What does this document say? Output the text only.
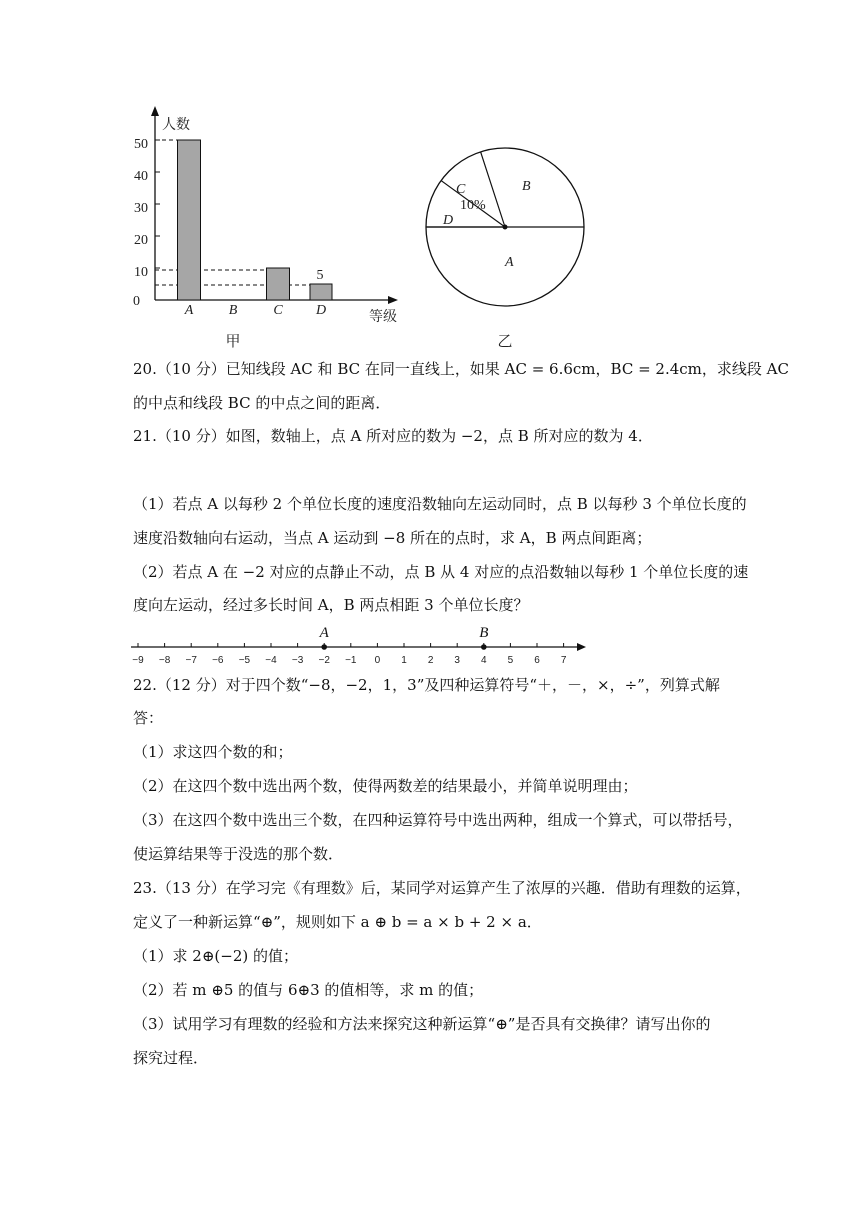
人数
等级
0
10
20
30
40
50
A	B	C D
5
甲
B
C
10%
D
A
乙
20.（10 分）已知线段 AC 和 BC 在同一直线上，如果 AC = 6.6cm，BC = 2.4cm，求线段 AC
的中点和线段 BC 的中点之间的距离．
21.（10 分）如图，数轴上，点 A 所对应的数为 −2，点 B 所对应的数为 4．
（1）若点 A 以每秒 2 个单位长度的速度沿数轴向左运动同时，点 B 以每秒 3 个单位长度的
速度沿数轴向右运动，当点 A 运动到 −8 所在的点时，求 A，B 两点间距离；
（2）若点 A 在 −2 对应的点静止不动，点 B 从 4 对应的点沿数轴以每秒 1 个单位长度的速
度向左运动，经过多长时间 A，B 两点相距 3 个单位长度？
−9 −8 −7 −6 −5 −4 −3 −2 −1 0 1 2 3 4 5 6 7
A	B
22.（12 分）对于四个数“−8，−2，1，3”及四种运算符号“＋，－，×，÷”，列算式解
答：
（1）求这四个数的和；
（2）在这四个数中选出两个数，使得两数差的结果最小，并简单说明理由；
（3）在这四个数中选出三个数，在四种运算符号中选出两种，组成一个算式，可以带括号，
使运算结果等于没选的那个数．
23.（13 分）在学习完《有理数》后，某同学对运算产生了浓厚的兴趣．借助有理数的运算，
定义了一种新运算“⊕”，规则如下 a ⊕ b = a × b + 2 × a．
（1）求 2⊕(−2) 的值；
（2）若 m ⊕5 的值与 6⊕3 的值相等，求 m 的值；
（3）试用学习有理数的经验和方法来探究这种新运算“⊕”是否具有交换律？请写出你的
探究过程．
